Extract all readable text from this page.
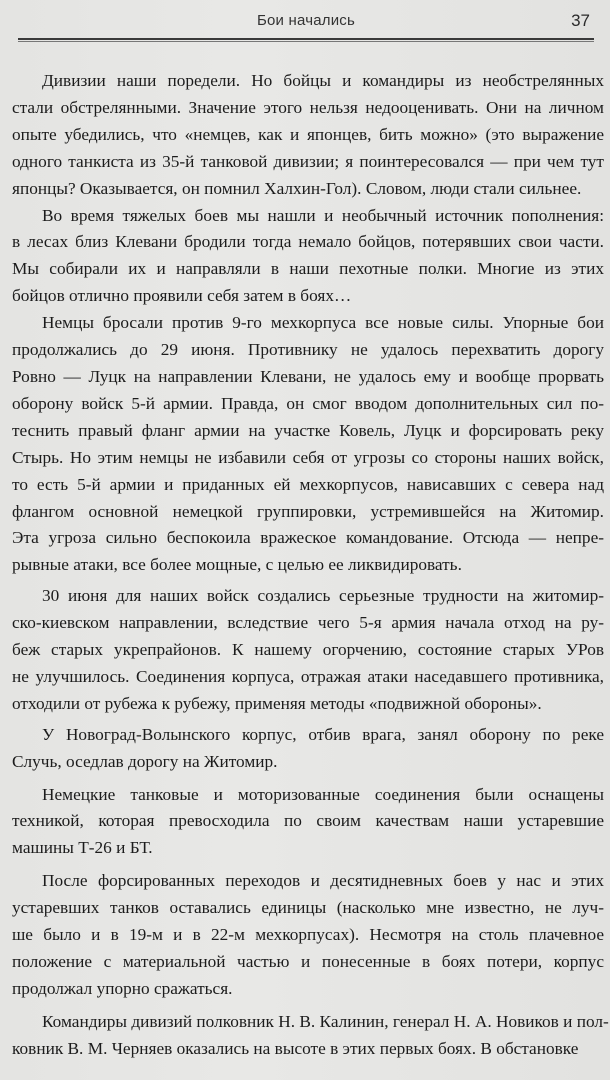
Бои начались	37
Дивизии наши поредели. Но бойцы и командиры из необстрелянных
стали обстрелянными. Значение этого нельзя недооценивать. Они на личном
опыте убедились, что «немцев, как и японцев, бить можно» (это выражение
одного танкиста из 35-й танковой дивизии; я поинтересовался — при чем тут
японцы? Оказывается, он помнил Халхин-Гол). Словом, люди стали сильнее.
Во время тяжелых боев мы нашли и необычный источник пополнения:
в лесах близ Клевани бродили тогда немало бойцов, потерявших свои части.
Мы собирали их и направляли в наши пехотные полки. Многие из этих
бойцов отлично проявили себя затем в боях…
Немцы бросали против 9-го мехкорпуса все новые силы. Упорные бои
продолжались до 29 июня. Противнику не удалось перехватить дорогу
Ровно — Луцк на направлении Клевани, не удалось ему и вообще прорвать
оборону войск 5-й армии. Правда, он смог вводом дополнительных сил по-
теснить правый фланг армии на участке Ковель, Луцк и форсировать реку
Стырь. Но этим немцы не избавили себя от угрозы со стороны наших войск,
то есть 5-й армии и приданных ей мехкорпусов, нависавших с севера над
флангом основной немецкой группировки, устремившейся на Житомир.
Эта угроза сильно беспокоила вражеское командование. Отсюда — непре-
рывные атаки, все более мощные, с целью ее ликвидировать.
30 июня для наших войск создались серьезные трудности на житомир-
ско-киевском направлении, вследствие чего 5-я армия начала отход на ру-
беж старых укрепрайонов. К нашему огорчению, состояние старых УРов
не улучшилось. Соединения корпуса, отражая атаки наседавшего противника,
отходили от рубежа к рубежу, применяя методы «подвижной обороны».
У Новоград-Волынского корпус, отбив врага, занял оборону по реке
Случь, оседлав дорогу на Житомир.
Немецкие танковые и моторизованные соединения были оснащены
техникой, которая превосходила по своим качествам наши устаревшие
машины Т-26 и БТ.
После форсированных переходов и десятидневных боев у нас и этих
устаревших танков оставались единицы (насколько мне известно, не луч-
ше было и в 19-м и в 22-м мехкорпусах). Несмотря на столь плачевное
положение с материальной частью и понесенные в боях потери, корпус
продолжал упорно сражаться.
Командиры дивизий полковник Н. В. Калинин, генерал Н. А. Новиков и пол-
ковник В. М. Черняев оказались на высоте в этих первых боях. В обстановке
